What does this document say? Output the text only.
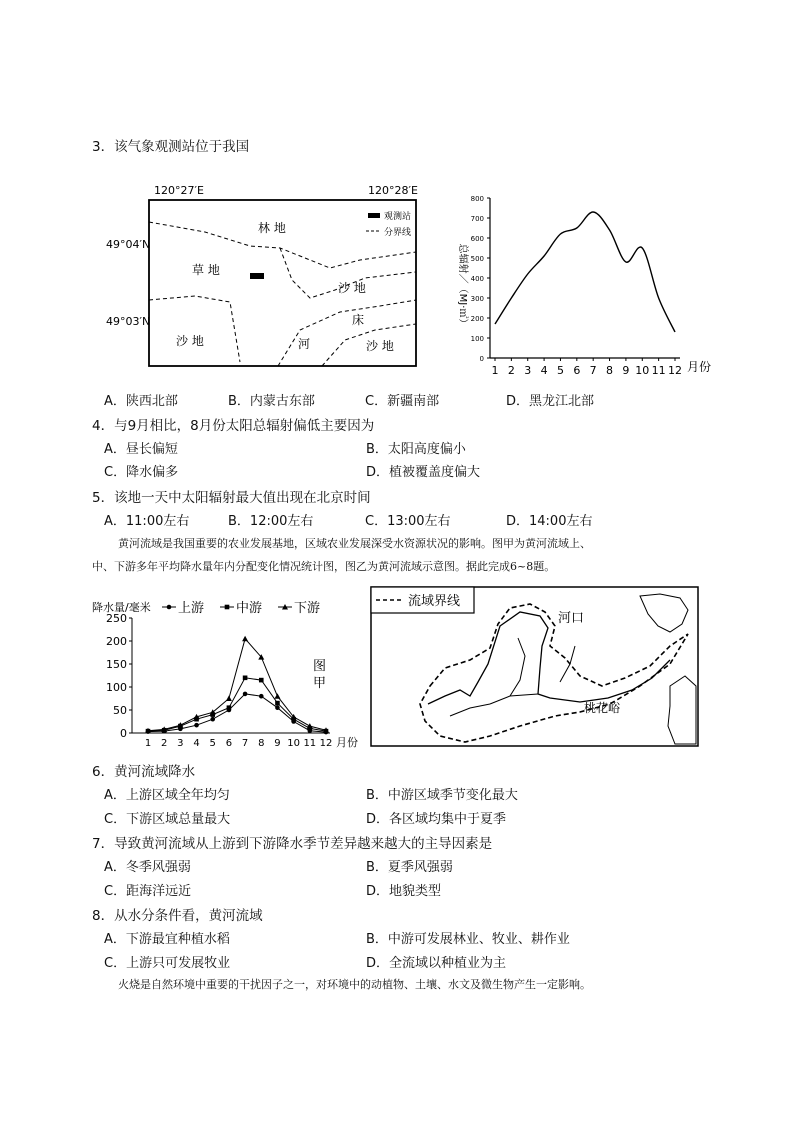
3．该气象观测站位于我国
120°27′E	120°28′E
49°04′N
49°03′N
观测站
分界线
林 地
草 地
沙 地
沙 地	沙 地
河
床	总辐射／（MJ·㎡）
月份
0
100
200
300
400
500
600
700
800
1 2 3 4 5 6 7 8 9 10 11 12
A．陕西北部	B．内蒙古东部	C．新疆南部	D．黑龙江北部
4．与9月相比，8月份太阳总辐射偏低主要因为
A．昼长偏短	B．太阳高度偏小
C．降水偏多	D．植被覆盖度偏大
5．该地一天中太阳辐射最大值出现在北京时间
A．11:00左右	B．12:00左右	C．13:00左右	D．14:00左右
黄河流域是我国重要的农业发展基地，区域农业发展深受水资源状况的影响。图甲为黄河流域上、
中、下游多年平均降水量年内分配变化情况统计图，图乙为黄河流域示意图。据此完成6~8题。
降水量/毫米 上游 中游 下游
图
甲
月份
0
50
100
150
200
250
1 2 3 4 5 6 7 8 9 10 11 12
流域界线
河口
桃花峪
6．黄河流域降水
A．上游区域全年均匀	B．中游区域季节变化最大
C．下游区域总量最大	D．各区域均集中于夏季
7．导致黄河流域从上游到下游降水季节差异越来越大的主导因素是
A．冬季风强弱	B．夏季风强弱
C．距海洋远近	D．地貌类型
8．从水分条件看，黄河流域
A．下游最宜种植水稻	B．中游可发展林业、牧业、耕作业
C．上游只可发展牧业	D．全流域以种植业为主
火烧是自然环境中重要的干扰因子之一，对环境中的动植物、土壤、水文及微生物产生一定影响。
